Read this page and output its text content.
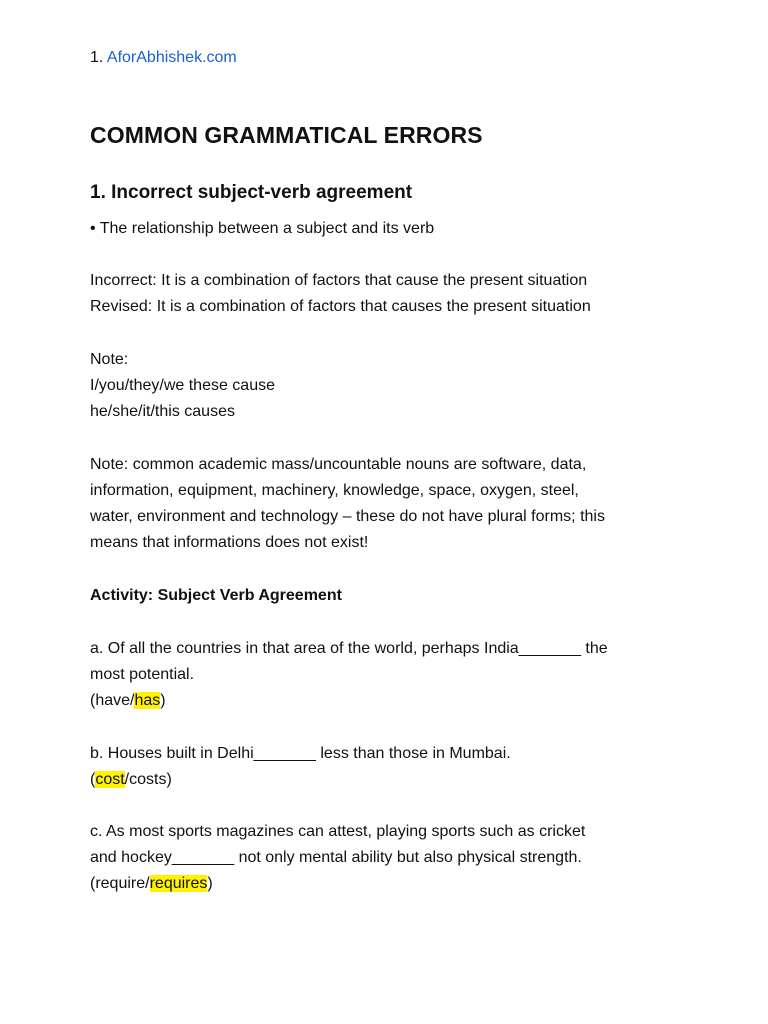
1. AforAbhishek.com
COMMON GRAMMATICAL ERRORS
1. Incorrect subject-verb agreement
• The relationship between a subject and its verb
Incorrect: It is a combination of factors that cause the present situation
Revised: It is a combination of factors that causes the present situation
Note:
I/you/they/we these cause
he/she/it/this causes
Note: common academic mass/uncountable nouns are software, data,
information, equipment, machinery, knowledge, space, oxygen, steel,
water, environment and technology – these do not have plural forms; this
means that informations does not exist!
Activity: Subject Verb Agreement
a. Of all the countries in that area of the world, perhaps India_______ the
most potential.
(have/has)
b. Houses built in Delhi_______ less than those in Mumbai.
(cost/costs)
c. As most sports magazines can attest, playing sports such as cricket
and hockey_______ not only mental ability but also physical strength.
(require/requires)
